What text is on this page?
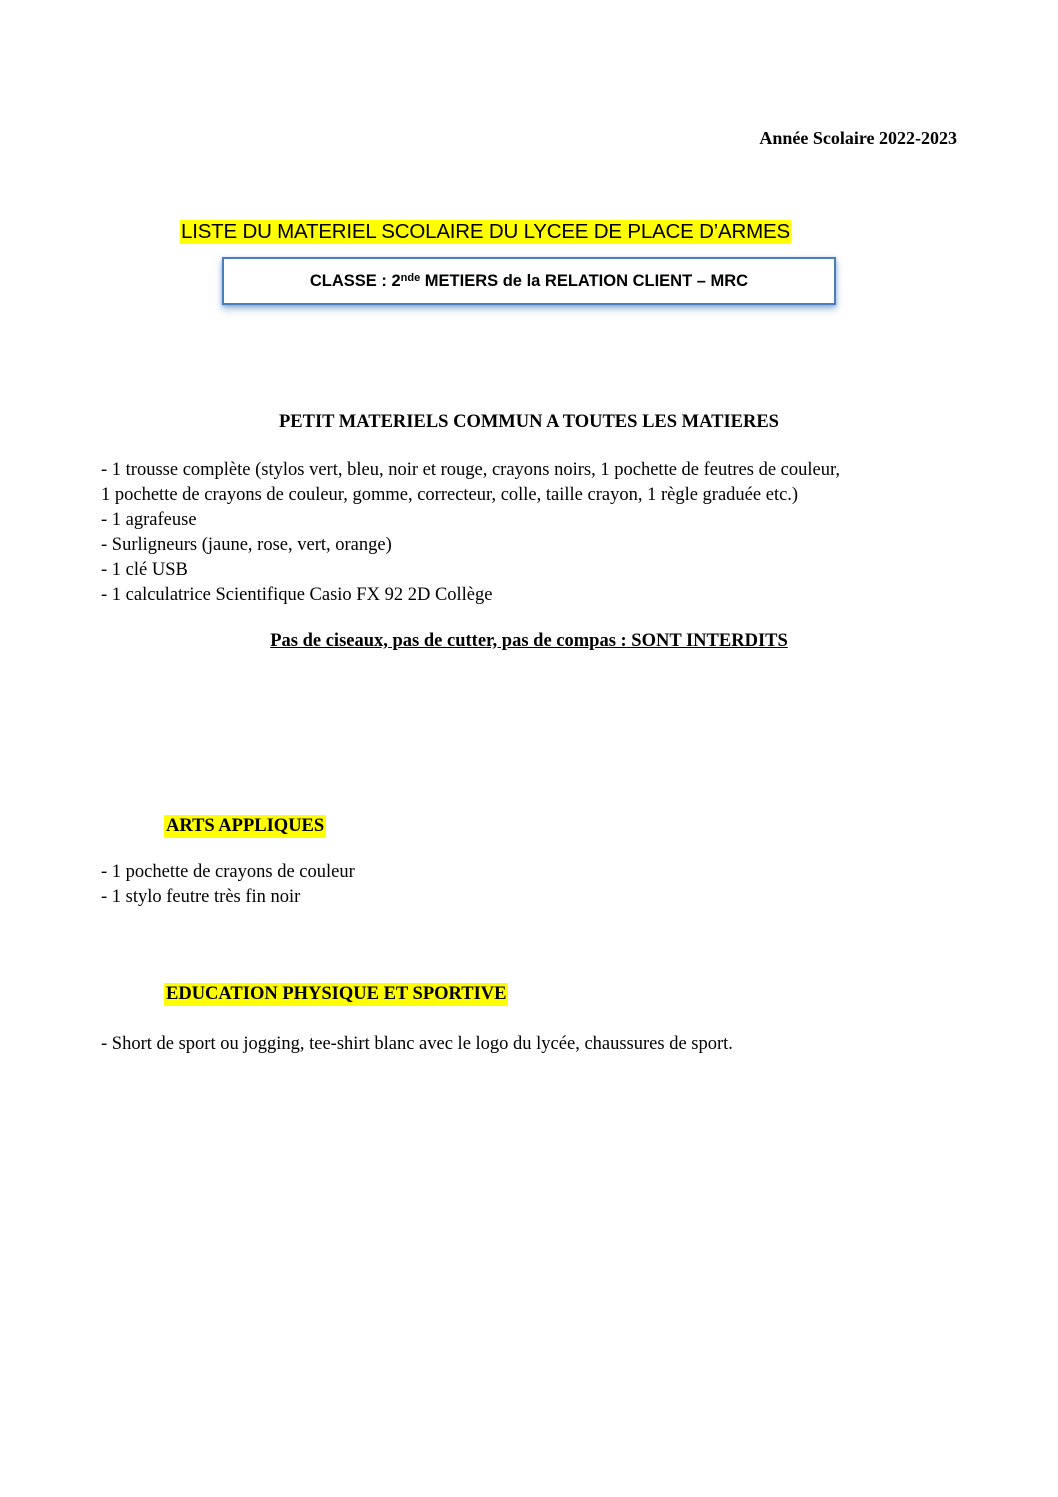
Année Scolaire 2022-2023

LISTE DU MATERIEL SCOLAIRE DU LYCEE DE PLACE D’ARMES

CLASSE : 2nde METIERS de la RELATION CLIENT – MRC

PETIT MATERIELS COMMUN A TOUTES LES MATIERES

- 1 trousse complète (stylos vert, bleu, noir et rouge, crayons noirs, 1 pochette de feutres de couleur,
1 pochette de crayons de couleur, gomme, correcteur, colle, taille crayon, 1 règle graduée etc.)
- 1 agrafeuse
- Surligneurs (jaune, rose, vert, orange)
- 1 clé USB
- 1 calculatrice Scientifique Casio FX 92 2D Collège

Pas de ciseaux, pas de cutter, pas de compas : SONT INTERDITS

ARTS APPLIQUES

- 1 pochette de crayons de couleur
- 1 stylo feutre très fin noir

EDUCATION PHYSIQUE ET SPORTIVE

- Short de sport ou jogging, tee-shirt blanc avec le logo du lycée, chaussures de sport.
